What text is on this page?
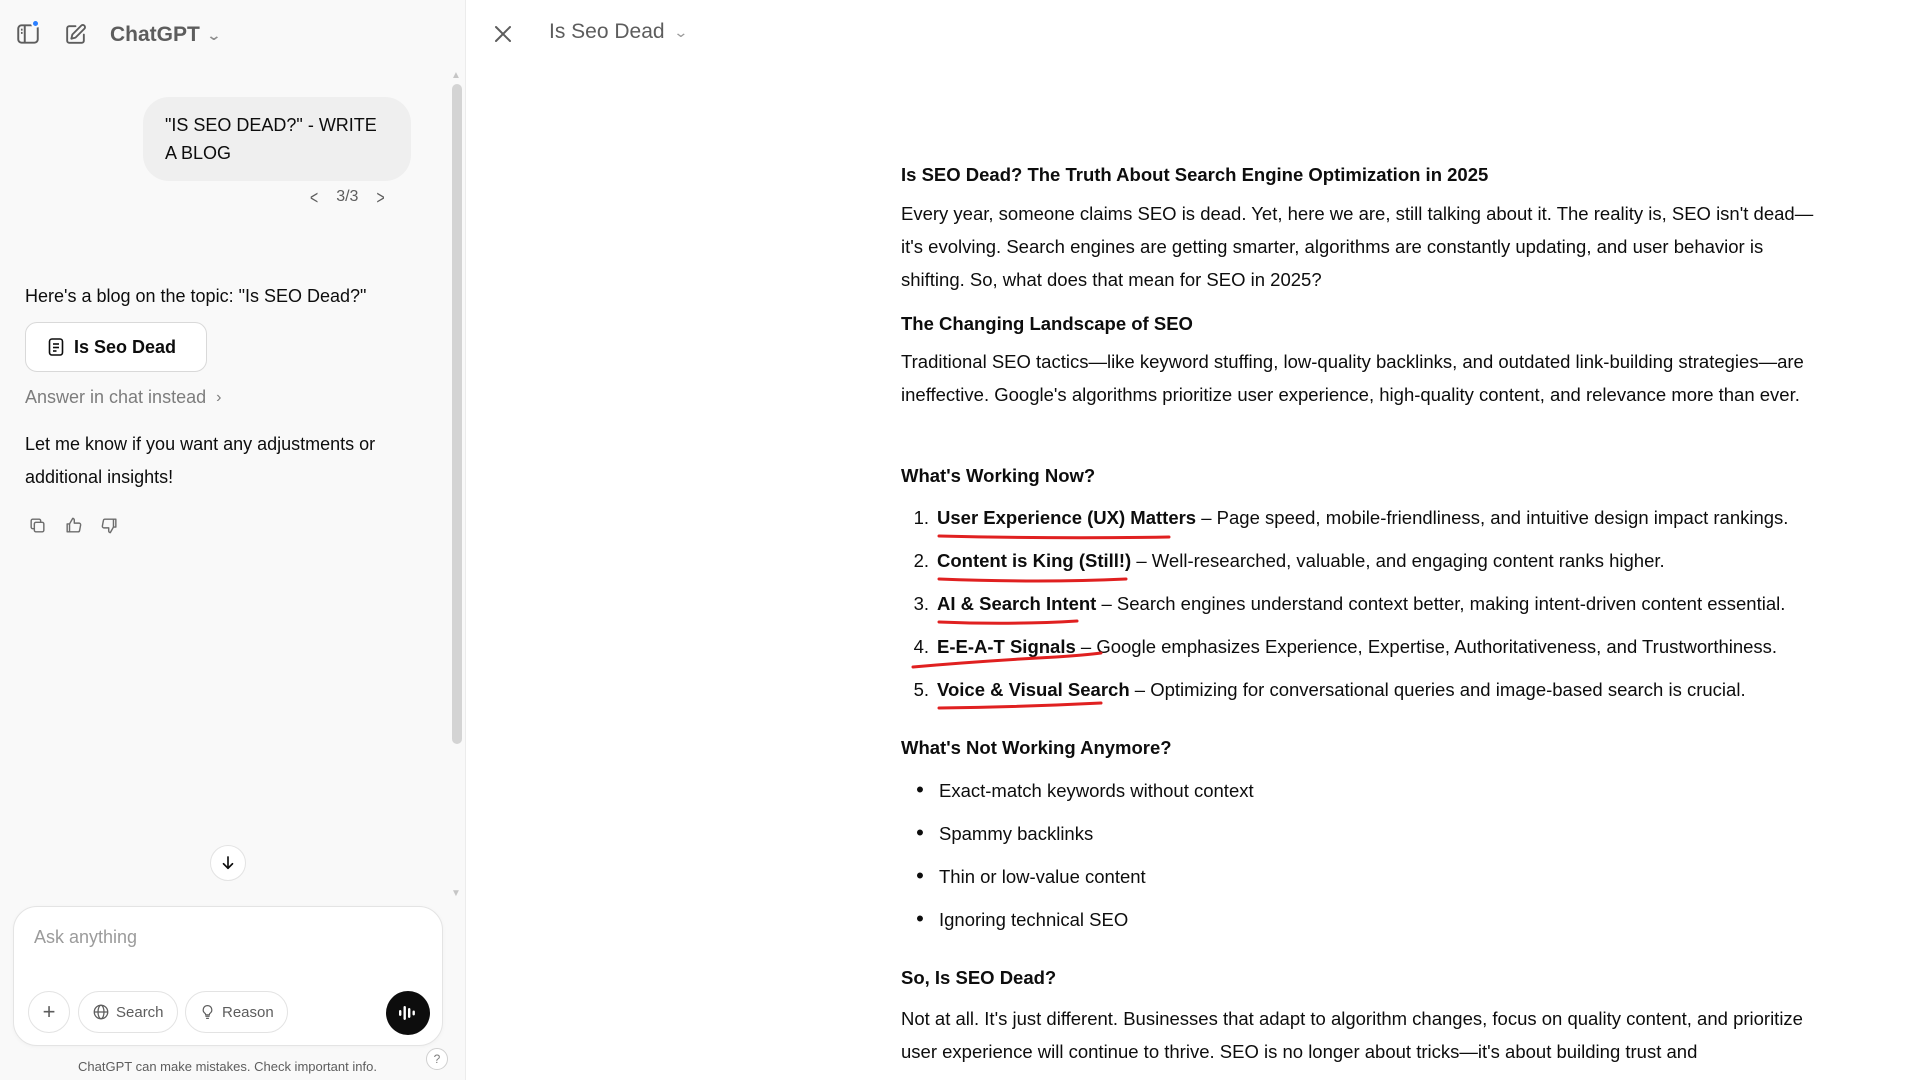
ChatGPT ⌄
▲
▼
"IS SEO DEAD?" - WRITE A BLOG
< 3/3 >
Here's a blog on the topic: "Is SEO Dead?"
Is Seo Dead
Answer in chat instead ›
Let me know if you want any adjustments or additional insights!
Ask anything
+	Search	Reason
ChatGPT can make mistakes. Check important info.	?
Is Seo Dead ⌄
Is SEO Dead? The Truth About Search Engine Optimization in 2025

Every year, someone claims SEO is dead. Yet, here we are, still talking about it. The reality is, SEO isn't dead—it's evolving. Search engines are getting smarter, algorithms are constantly updating, and user behavior is shifting. So, what does that mean for SEO in 2025?

The Changing Landscape of SEO

Traditional SEO tactics—like keyword stuffing, low-quality backlinks, and outdated link-building strategies—are ineffective. Google's algorithms prioritize user experience, high-quality content, and relevance more than ever.

What's Working Now?
1. User Experience (UX) Matters – Page speed, mobile-friendliness, and intuitive design impact rankings.
2. Content is King (Still!) – Well-researched, valuable, and engaging content ranks higher.
3. AI & Search Intent – Search engines understand context better, making intent-driven content essential.
4. E-E-A-T Signals – Google emphasizes Experience, Expertise, Authoritativeness, and Trustworthiness.
5. Voice & Visual Search – Optimizing for conversational queries and image-based search is crucial.
What's Not Working Anymore?
• Exact-match keywords without context
• Spammy backlinks
• Thin or low-value content
• Ignoring technical SEO
So, Is SEO Dead?

Not at all. It's just different. Businesses that adapt to algorithm changes, focus on quality content, and prioritize user experience will continue to thrive. SEO is no longer about tricks—it's about building trust and
